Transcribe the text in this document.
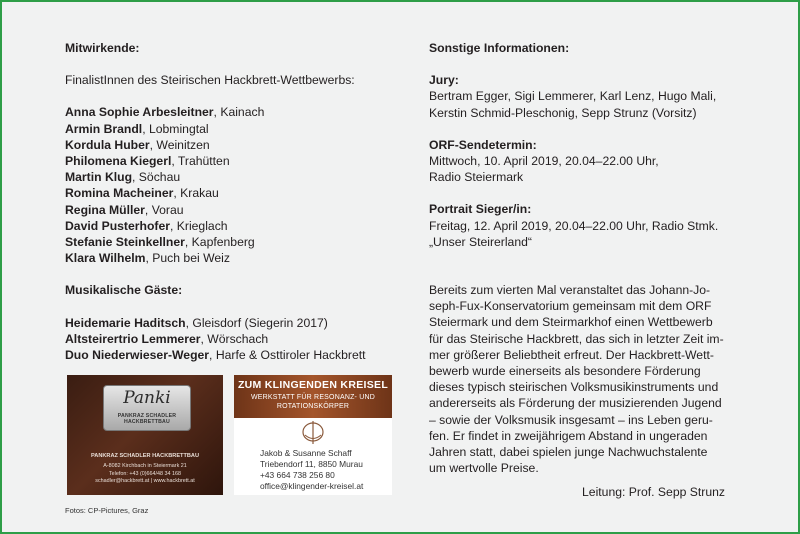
Mitwirkende:
FinalistInnen des Steirischen Hackbrett-Wettbewerbs:
Anna Sophie Arbesleitner, Kainach
Armin Brandl, Lobmingtal
Kordula Huber, Weinitzen
Philomena Kiegerl, Trahütten
Martin Klug, Söchau
Romina Macheiner, Krakau
Regina Müller, Vorau
David Pusterhofer, Krieglach
Stefanie Steinkellner, Kapfenberg
Klara Wilhelm, Puch bei Weiz
Musikalische Gäste:
Heidemarie Haditsch, Gleisdorf (Siegerin 2017)
Altsteirertrio Lemmerer, Wörschach
Duo Niederwieser-Weger, Harfe & Osttiroler Hackbrett
Sonstige Informationen:
Jury:
Bertram Egger, Sigi Lemmerer, Karl Lenz, Hugo Mali,
Kerstin Schmid-Pleschonig, Sepp Strunz (Vorsitz)
ORF-Sendetermin:
Mittwoch, 10. April 2019, 20.04–22.00 Uhr,
Radio Steiermark
Portrait Sieger/in:
Freitag, 12. April 2019, 20.04–22.00 Uhr, Radio Stmk.
„Unser Steirerland“
Bereits zum vierten Mal veranstaltet das Johann-Jo-
seph-Fux-Konservatorium gemeinsam mit dem ORF
Steiermark und dem Steirmarkhof einen Wettbewerb
für das Steirische Hackbrett, das sich in letzter Zeit im-
mer größerer Beliebtheit erfreut. Der Hackbrett-Wett-
bewerb wurde einerseits als besondere Förderung
dieses typisch steirischen Volksmusikinstruments und
andererseits als Förderung der musizierenden Jugend
– sowie der Volksmusik insgesamt – ins Leben geru-
fen. Er findet in zweijährigem Abstand in ungeraden
Jahren statt, dabei spielen junge Nachwuchstalente
um wertvolle Preise.
Leitung: Prof. Sepp Strunz
Panki
PANKRAZ SCHADLER
HACKBRETTBAU
PANKRAZ SCHADLER HACKBRETTBAU
A-8082 Kirchbach in Steiermark 21
Telefon: +43 (0)664/48 34 168
schadler@hackbrett.at | www.hackbrett.at
ZUM KLINGENDEN KREISEL
WERKSTATT FÜR RESONANZ- UND
ROTATIONSKÖRPER
Jakob & Susanne Schaff
Triebendorf 11, 8850 Murau
+43 664 738 256 80
office@klingender-kreisel.at
Fotos: CP-Pictures, Graz
